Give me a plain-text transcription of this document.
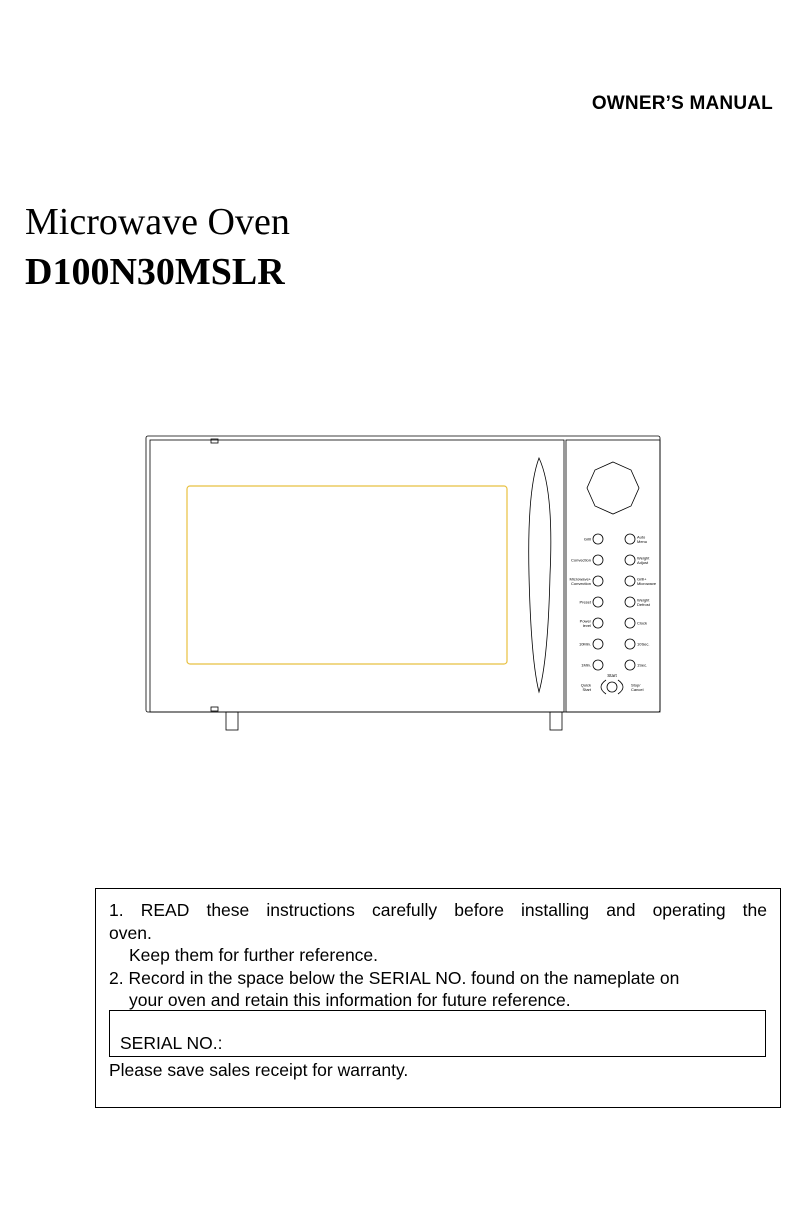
OWNER’S MANUAL
Microwave Oven
D100N30MSLR
Grill	Auto Menu
Convection	Weight Adjust
Microwave+ Convection
Grill+ Microwave
Preset	Weight Defrost
Power level	Clock
10Min.	10Sec.
1Min.	1Sec.
Quick Start
Stop/ Cancel
Start
1. READ these instructions carefully before installing and operating the
oven.
Keep them for further reference.
2. Record in the space below the SERIAL NO. found on the nameplate on
your oven and retain this information for future reference.
SERIAL NO.:
Please save sales receipt for warranty.
